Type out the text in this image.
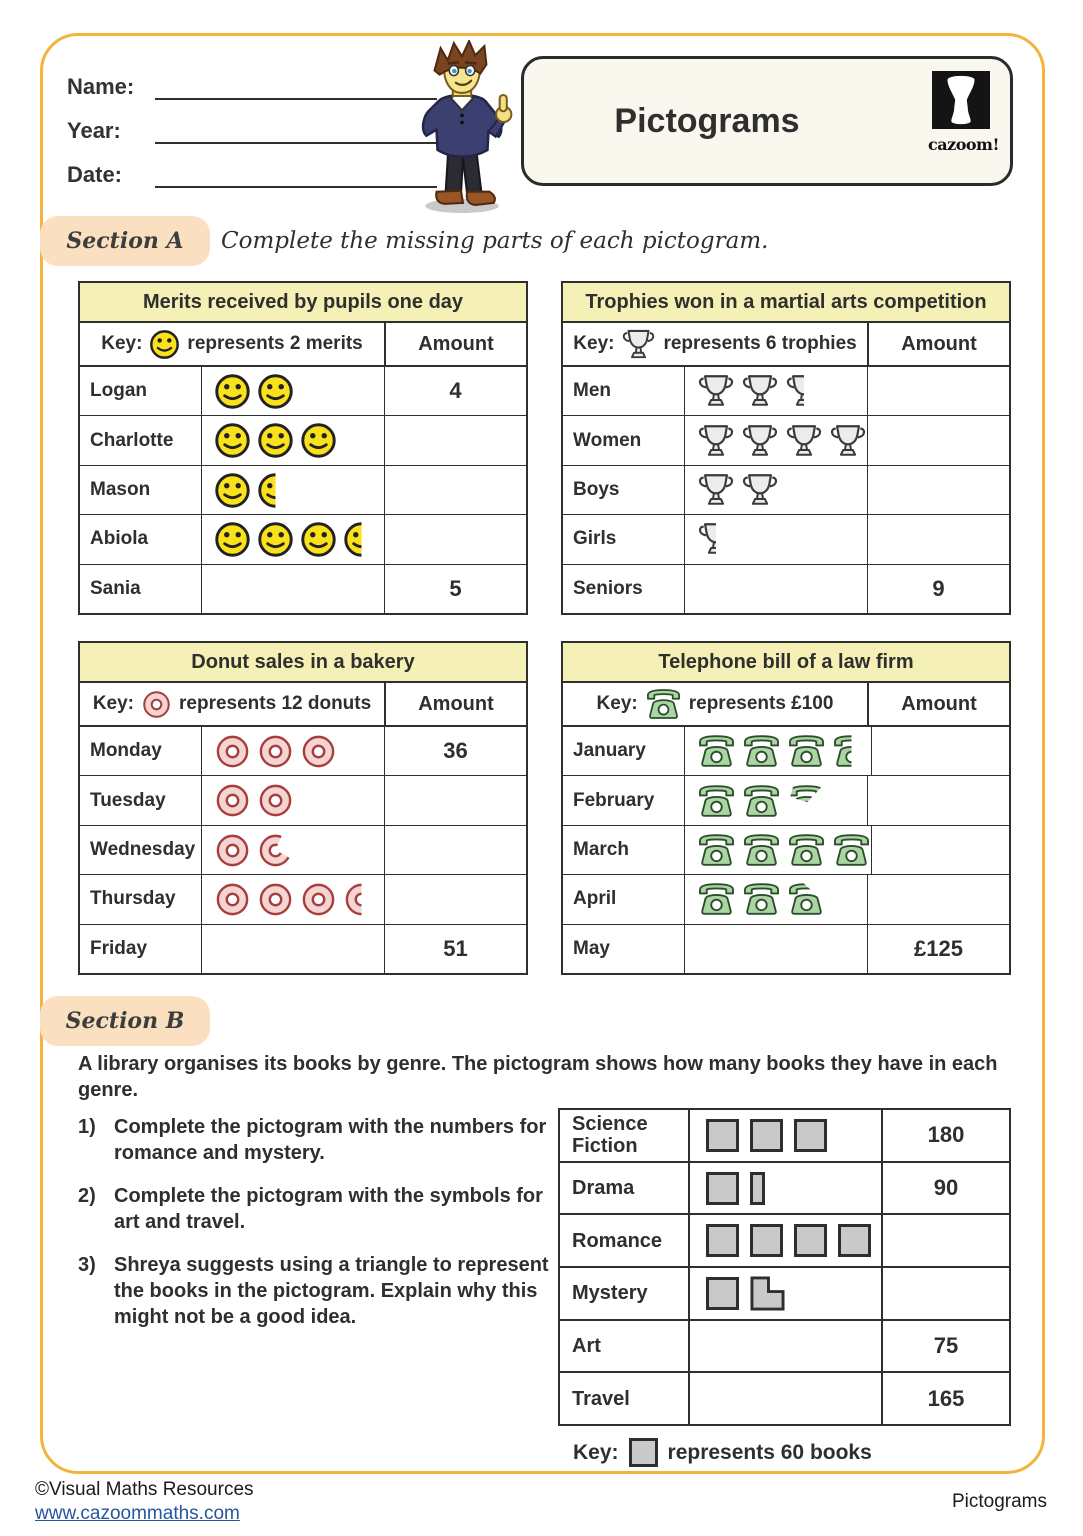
Name:
Year:
Date:
Pictograms
cazoom!
Section A	Complete the missing parts of each pictogram.
Merits received by pupils one day
Key: represents 2 merits	Amount
Logan	4
Charlotte
Mason
Abiola
Sania	5
Trophies won in a martial arts competition
Key:	represents 6 trophies	Amount
Men
Women
Boys
Girls
Seniors	9
Donut sales in a bakery
Key: represents 12 donuts	Amount
Monday	36
Tuesday
Wednesday
Thursday
Friday	51
Telephone bill of a law firm
Key:	represents £100	Amount
January
February
March
April
May	£125
Section B
A library organises its books by genre. The pictogram shows how many books they have in each genre.
1) Complete the pictogram with the numbers for romance and mystery.
2) Complete the pictogram with the symbols for art and travel.
3) Shreya suggests using a triangle to represent the books in the pictogram. Explain why this might not be a good idea.
Science Fiction	180
Drama	90
Romance
Mystery
Art	75
Travel	165
Key: represents 60 books
©Visual Maths Resources
www.cazoommaths.com
Pictograms
